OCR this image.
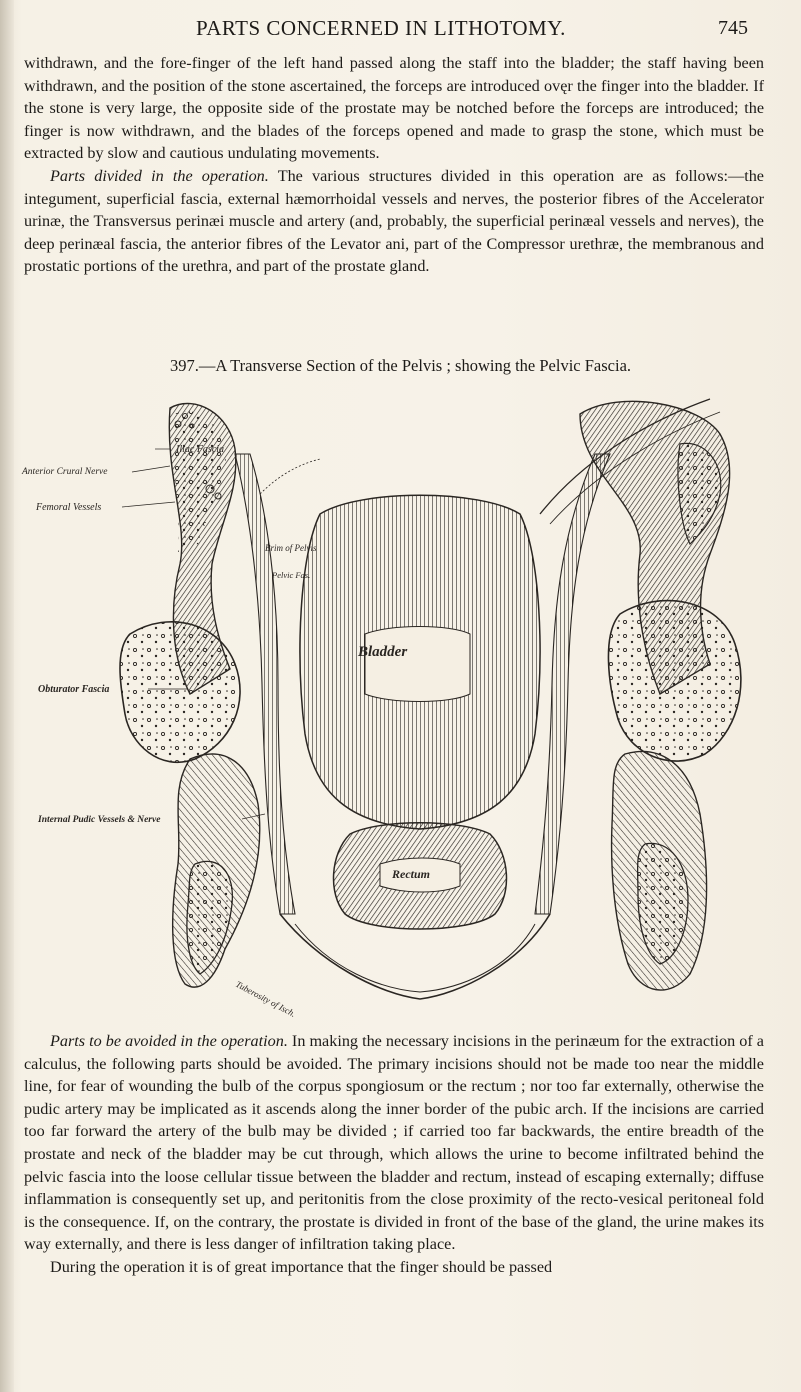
PARTS CONCERNED IN LITHOTOMY.	745

withdrawn, and the fore-finger of the left hand passed along the staff into the bladder; the staff having been withdrawn, and the position of the stone ascertained, the forceps are introduced ovęr the finger into the bladder. If the stone is very large, the opposite side of the prostate may be notched before the forceps are introduced; the finger is now withdrawn, and the blades of the forceps opened and made to grasp the stone, which must be extracted by slow and cautious undulating movements.

Parts divided in the operation. The various structures divided in this operation are as follows:—the integument, superficial fascia, external hæmorrhoidal vessels and nerves, the posterior fibres of the Accelerator urinæ, the Transversus perinæi muscle and artery (and, probably, the superficial perinæal vessels and nerves), the deep perinæal fascia, the anterior fibres of the Levator ani, part of the Compressor urethræ, the membranous and prostatic portions of the urethra, and part of the prostate gland.

397.—A Transverse Section of the Pelvis ; showing the Pelvic Fascia.
Iliac Fascia
Anterior Crural Nerve
Femoral Vessels
Brim of Pelvis
Pelvic Fas.
Bladder
Obturator Fascia
Internal Pudic Vessels & Nerve
Rectum
Tuberosity of Isch.

Parts to be avoided in the operation. In making the necessary incisions in the perinæum for the extraction of a calculus, the following parts should be avoided. The primary incisions should not be made too near the middle line, for fear of wounding the bulb of the corpus spongiosum or the rectum ; nor too far externally, otherwise the pudic artery may be implicated as it ascends along the inner border of the pubic arch. If the incisions are carried too far forward the artery of the bulb may be divided ; if carried too far backwards, the entire breadth of the prostate and neck of the bladder may be cut through, which allows the urine to become infiltrated behind the pelvic fascia into the loose cellular tissue between the bladder and rectum, instead of escaping externally; diffuse inflammation is consequently set up, and peritonitis from the close proximity of the recto-vesical peritoneal fold is the consequence. If, on the contrary, the prostate is divided in front of the base of the gland, the urine makes its way externally, and there is less danger of infiltration taking place.

During the operation it is of great importance that the finger should be passed
